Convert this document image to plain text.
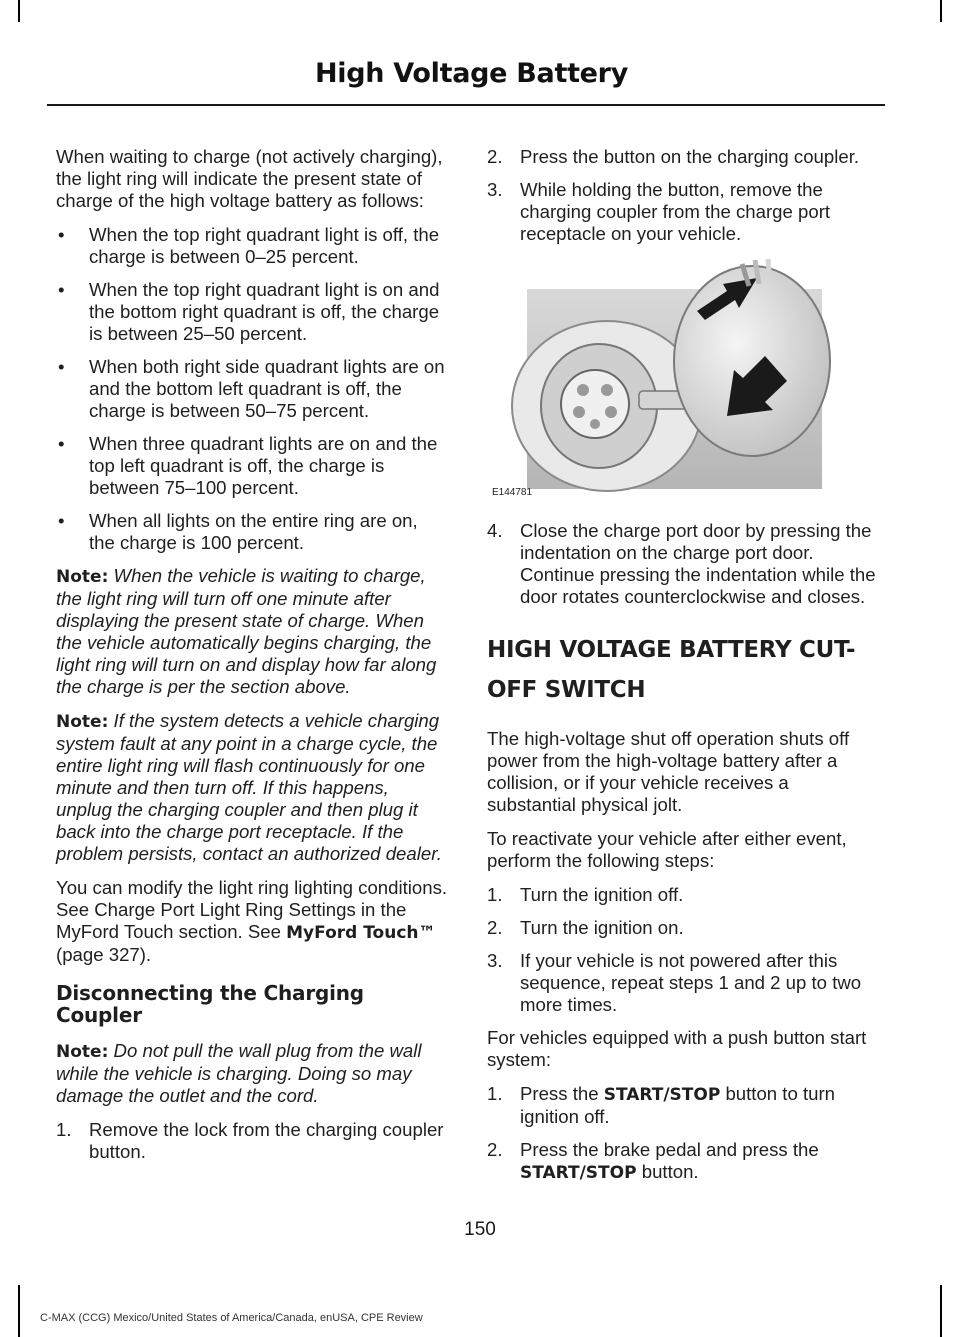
High Voltage Battery

When waiting to charge (not actively charging), the light ring will indicate the present state of charge of the high voltage battery as follows:

• When the top right quadrant light is off, the charge is between 0–25 percent.
• When the top right quadrant light is on and the bottom right quadrant is off, the charge is between 25–50 percent.
• When both right side quadrant lights are on and the bottom left quadrant is off, the charge is between 50–75 percent.
• When three quadrant lights are on and the top left quadrant is off, the charge is between 75–100 percent.
• When all lights on the entire ring are on, the charge is 100 percent.

Note: When the vehicle is waiting to charge, the light ring will turn off one minute after displaying the present state of charge. When the vehicle automatically begins charging, the light ring will turn on and display how far along the charge is per the section above.

Note: If the system detects a vehicle charging system fault at any point in a charge cycle, the entire light ring will flash continuously for one minute and then turn off. If this happens, unplug the charging coupler and then plug it back into the charge port receptacle. If the problem persists, contact an authorized dealer.

You can modify the light ring lighting conditions. See Charge Port Light Ring Settings in the MyFord Touch section. See MyFord Touch™ (page 327).

Disconnecting the Charging Coupler

Note: Do not pull the wall plug from the wall while the vehicle is charging. Doing so may damage the outlet and the cord.

1. Remove the lock from the charging coupler button.
2. Press the button on the charging coupler.
3. While holding the button, remove the charging coupler from the charge port receptacle on your vehicle.
E144781
4. Close the charge port door by pressing the indentation on the charge port door. Continue pressing the indentation while the door rotates counterclockwise and closes.
HIGH VOLTAGE BATTERY CUT-
OFF SWITCH

The high-voltage shut off operation shuts off power from the high-voltage battery after a collision, or if your vehicle receives a substantial physical jolt.

To reactivate your vehicle after either event, perform the following steps:

1. Turn the ignition off.
2. Turn the ignition on.
3. If your vehicle is not powered after this sequence, repeat steps 1 and 2 up to two more times.

For vehicles equipped with a push button start system:

1. Press the START/STOP button to turn ignition off.
2. Press the brake pedal and press the START/STOP button.
150
C-MAX (CCG) Mexico/United States of America/Canada, enUSA, CPE Review
